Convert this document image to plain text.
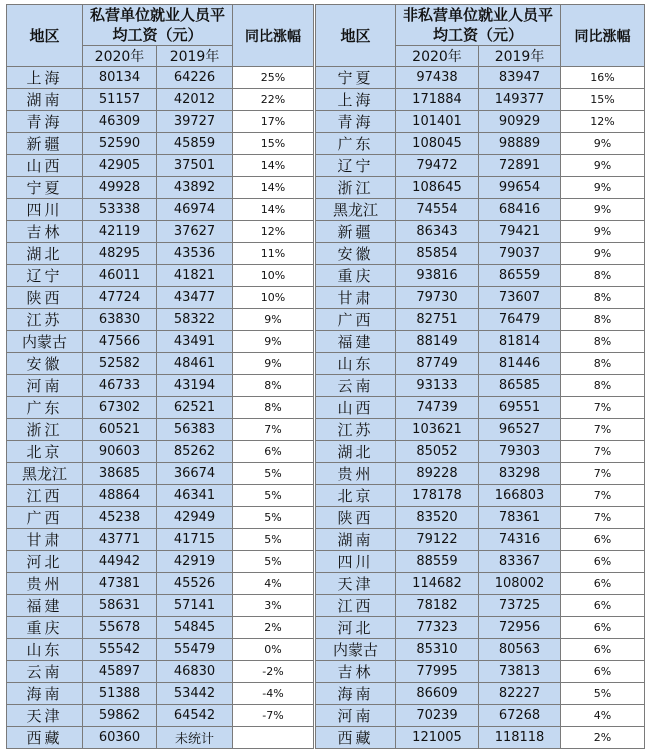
地区	私营单位就业人员平均工资（元）		同比涨幅
	2020年	2019年	
上海	80134	64226	25%
湖南	51157	42012	22%
青海	46309	39727	17%
新疆	52590	45859	15%
山西	42905	37501	14%
宁夏	49928	43892	14%
四川	53338	46974	14%
吉林	42119	37627	12%
湖北	48295	43536	11%
辽宁	46011	41821	10%
陕西	47724	43477	10%
江苏	63830	58322	9%
内蒙古	47566	43491	9%
安徽	52582	48461	9%
河南	46733	43194	8%
广东	67302	62521	8%
浙江	60521	56383	7%
北京	90603	85262	6%
黑龙江	38685	36674	5%
江西	48864	46341	5%
广西	45238	42949	5%
甘肃	43771	41715	5%
河北	44942	42919	5%
贵州	47381	45526	4%
福建	58631	57141	3%
重庆	55678	54845	2%
山东	55542	55479	0%
云南	45897	46830	-2%
海南	51388	53442	-4%
天津	59862	64542	-7%
西藏	60360	未统计	
地区	非私营单位就业人员平均工资（元）		同比涨幅
	2020年	2019年	
宁夏	97438	83947	16%
上海	171884	149377	15%
青海	101401	90929	12%
广东	108045	98889	9%
辽宁	79472	72891	9%
浙江	108645	99654	9%
黑龙江	74554	68416	9%
新疆	86343	79421	9%
安徽	85854	79037	9%
重庆	93816	86559	8%
甘肃	79730	73607	8%
广西	82751	76479	8%
福建	88149	81814	8%
山东	87749	81446	8%
云南	93133	86585	8%
山西	74739	69551	7%
江苏	103621	96527	7%
湖北	85052	79303	7%
贵州	89228	83298	7%
北京	178178	166803	7%
陕西	83520	78361	7%
湖南	79122	74316	6%
四川	88559	83367	6%
天津	114682	108002	6%
江西	78182	73725	6%
河北	77323	72956	6%
内蒙古	85310	80563	6%
吉林	77995	73813	6%
海南	86609	82227	5%
河南	70239	67268	4%
西藏	121005	118118	2%
